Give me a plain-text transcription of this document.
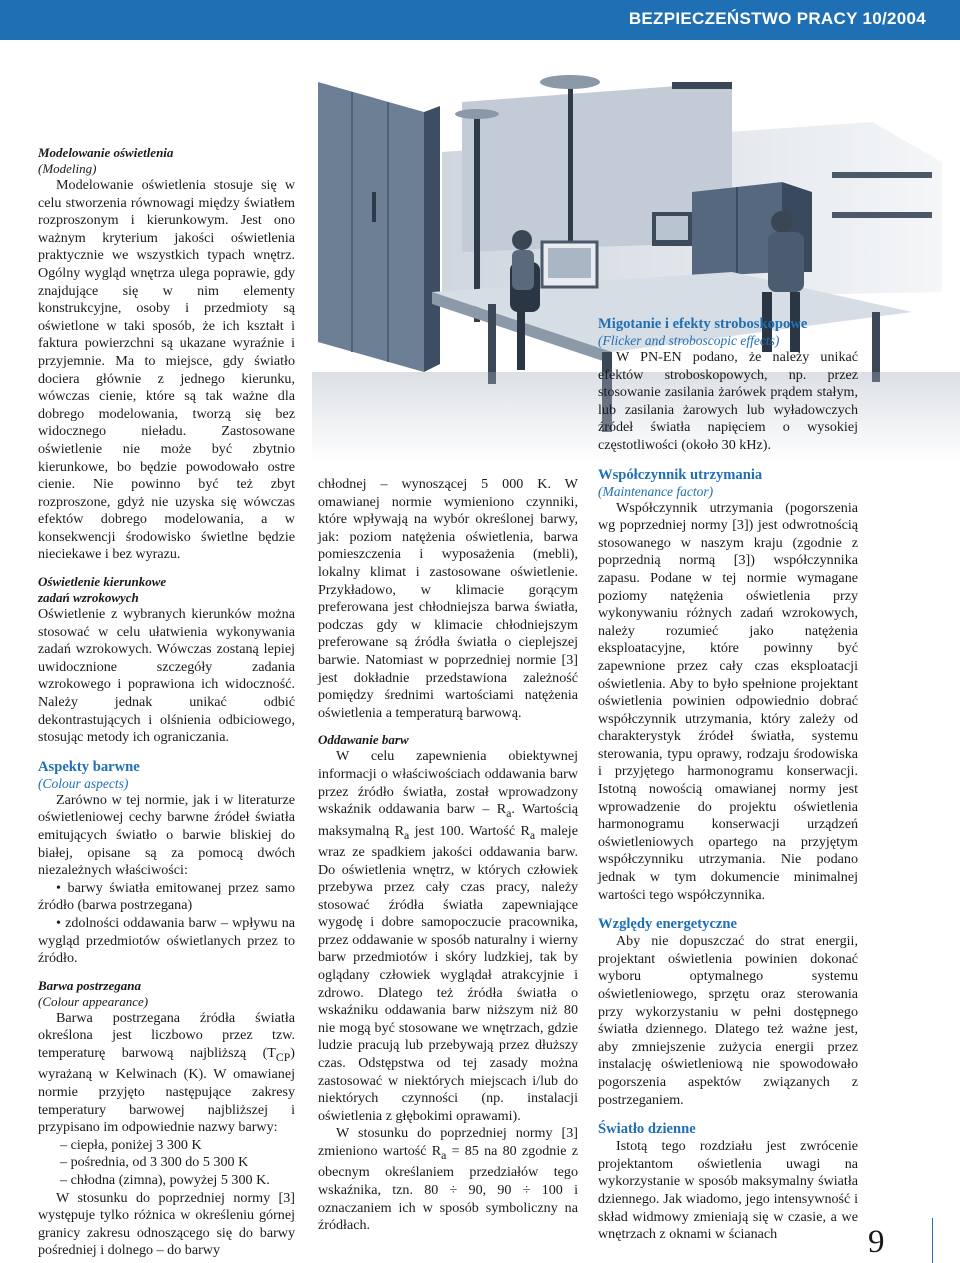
BEZPIECZEŃSTWO PRACY 10/2004
Modelowanie oświetlenia
(Modeling)

Modelowanie oświetlenia stosuje się w celu stworzenia równowagi między światłem rozproszonym i kierunkowym. Jest ono ważnym kryterium jakości oświetlenia praktycznie we wszystkich typach wnętrz. Ogólny wygląd wnętrza ulega poprawie, gdy znajdujące się w nim elementy konstrukcyjne, osoby i przedmioty są oświetlone w taki sposób, że ich kształt i faktura powierzchni są ukazane wyraźnie i przyjemnie. Ma to miejsce, gdy światło dociera głównie z jednego kierunku, wówczas cienie, które są tak ważne dla dobrego modelowania, tworzą się bez widocznego nieładu. Zastosowane oświetlenie nie może być zbytnio kierunkowe, bo będzie powodowało ostre cienie. Nie powinno być też zbyt rozproszone, gdyż nie uzyska się wówczas efektów dobrego modelowania, a w konsekwencji środowisko świetlne będzie nieciekawe i bez wyrazu.

Oświetlenie kierunkowe
zadań wzrokowych

Oświetlenie z wybranych kierunków można stosować w celu ułatwienia wykonywania zadań wzrokowych. Wówczas zostaną lepiej uwidocznione szczegóły zadania wzrokowego i poprawiona ich widoczność. Należy jednak unikać odbić dekontrastujących i olśnienia odbiciowego, stosując metody ich ograniczania.

Aspekty barwne
(Colour aspects)

Zarówno w tej normie, jak i w literaturze oświetleniowej cechy barwne źródeł światła emitujących światło o barwie bliskiej do białej, opisane są za pomocą dwóch niezależnych właściwości:

• barwy światła emitowanej przez samo źródło (barwa postrzegana)
• zdolności oddawania barw – wpływu na wygląd przedmiotów oświetlanych przez to źródło.
Barwa postrzegana
(Colour appearance)

Barwa postrzegana źródła światła określona jest liczbowo przez tzw. temperaturę barwową najbliższą $(T_{CP})$ wyrażaną w Kelwinach (K). W omawianej normie przyjęto następujące zakresy temperatury barwowej najbliższej i przypisano im odpowiednie nazwy barwy:

– ciepła, poniżej 3 300 K
– pośrednia, od 3 300 do 5 300 K
– chłodna (zimna), powyżej 5 300 K.

W stosunku do poprzedniej normy [3] występuje tylko różnica w określeniu górnej granicy zakresu odnoszącego się do barwy pośredniej i dolnego – do barwy

chłodnej – wynoszącej 5 000 K. W omawianej normie wymieniono czynniki, które wpływają na wybór określonej barwy, jak: poziom natężenia oświetlenia, barwa pomieszczenia i wyposażenia (mebli), lokalny klimat i zastosowane oświetlenie. Przykładowo, w klimacie gorącym preferowana jest chłodniejsza barwa światła, podczas gdy w klimacie chłodniejszym preferowane są źródła światła o cieplejszej barwie. Natomiast w poprzedniej normie [3] jest dokładnie przedstawiona zależność pomiędzy średnimi wartościami natężenia oświetlenia a temperaturą barwową.

Oddawanie barw

W celu zapewnienia obiektywnej informacji o właściwościach oddawania barw przez źródło światła, został wprowadzony wskaźnik oddawania barw – $R_a$. Wartością maksymalną $R_a$ jest 100. Wartość $R_a$ maleje wraz ze spadkiem jakości oddawania barw. Do oświetlenia wnętrz, w których człowiek przebywa przez cały czas pracy, należy stosować źródła światła zapewniające wygodę i dobre samopoczucie pracownika, przez oddawanie w sposób naturalny i wierny barw przedmiotów i skóry ludzkiej, tak by oglądany człowiek wyglądał atrakcyjnie i zdrowo. Dlatego też źródła światła o wskaźniku oddawania barw niższym niż 80 nie mogą być stosowane we wnętrzach, gdzie ludzie pracują lub przebywają przez dłuższy czas. Odstępstwa od tej zasady można zastosować w niektórych miejscach i/lub do niektórych czynności (np. instalacji oświetlenia z głębokimi oprawami).

W stosunku do poprzedniej normy [3] zmieniono wartość $R_a = 85$ na 80 zgodnie z obecnym określaniem przedziałów tego wskaźnika, tzn. 80 ÷ 90, 90 ÷ 100 i oznaczaniem ich w sposób symboliczny na źródłach.

Migotanie i efekty stroboskopowe
(Flicker and stroboscopic effects)

W PN-EN podano, że należy unikać efektów stroboskopowych, np. przez stosowanie zasilania żarówek prądem stałym, lub zasilania żarowych lub wyładowczych źródeł światła napięciem o wysokiej częstotliwości (około 30 kHz).

Współczynnik utrzymania
(Maintenance factor)

Współczynnik utrzymania (pogorszenia wg poprzedniej normy [3]) jest odwrotnością stosowanego w naszym kraju (zgodnie z poprzednią normą [3]) współczynnika zapasu. Podane w tej normie wymagane poziomy natężenia oświetlenia przy wykonywaniu różnych zadań wzrokowych, należy rozumieć jako natężenia eksploatacyjne, które powinny być zapewnione przez cały czas eksploatacji oświetlenia. Aby to było spełnione projektant oświetlenia powinien odpowiednio dobrać współczynnik utrzymania, który zależy od charakterystyk źródeł światła, systemu sterowania, typu oprawy, rodzaju środowiska i przyjętego harmonogramu konserwacji. Istotną nowością omawianej normy jest wprowadzenie do projektu oświetlenia harmonogramu konserwacji urządzeń oświetleniowych opartego na przyjętym współczynniku utrzymania. Nie podano jednak w tym dokumencie minimalnej wartości tego współczynnika.

Względy energetyczne

Aby nie dopuszczać do strat energii, projektant oświetlenia powinien dokonać wyboru optymalnego systemu oświetleniowego, sprzętu oraz sterowania przy wykorzystaniu w pełni dostępnego światła dziennego. Dlatego też ważne jest, aby zmniejszenie zużycia energii przez instalację oświetleniową nie spowodowało pogorszenia aspektów związanych z postrzeganiem.

Światło dzienne

Istotą tego rozdziału jest zwrócenie projektantom oświetlenia uwagi na wykorzystanie w sposób maksymalny światła dziennego. Jak wiadomo, jego intensywność i skład widmowy zmieniają się w czasie, a we wnętrzach z oknami w ścianach	9
